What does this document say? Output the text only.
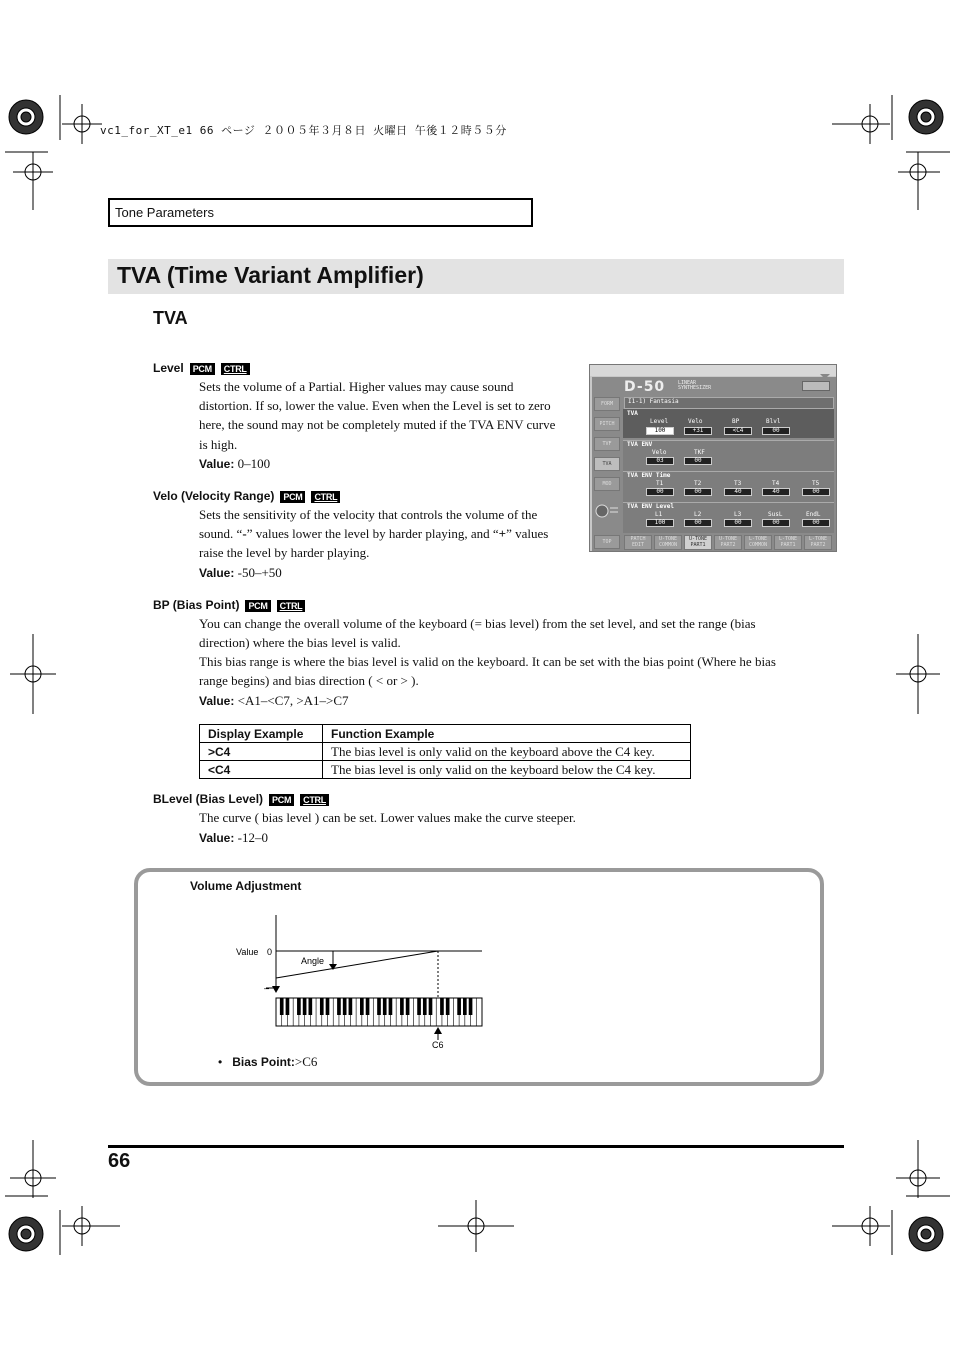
vc1_for_XT_e1 66 ページ ２００５年３月８日 火曜日 午後１２時５５分
Tone Parameters
TVA (Time Variant Amplifier)
TVA
Level PCM CTRL
Sets the volume of a Partial. Higher values may cause sound distortion. If so, lower the value. Even when the Level is set to zero here, the sound may not be completely muted if the TVA ENV curve is high.
Value: 0–100
Velo (Velocity Range) PCM CTRL
Sets the sensitivity of the velocity that controls the volume of the sound. “-” values lower the level by harder playing, and “+” values raise the level by harder playing.
Value: -50–+50
BP (Bias Point) PCM CTRL
You can change the overall volume of the keyboard (= bias level) from the set level, and set the range (bias direction) where the bias level is valid.
This bias range is where the bias level is valid on the keyboard. It can be set with the bias point (Where he bias range begins) and bias direction ( < or > ).
Value: <A1–<C7, >A1–>C7
Display Example	Function Example
>C4	The bias level is only valid on the keyboard above the C4 key.
<C4	The bias level is only valid on the keyboard below the C4 key.
BLevel (Bias Level) PCM CTRL
The curve ( bias level ) can be set. Lower values make the curve steeper.
Value: -12–0
D-50	LINEAR
SYNTHESIZER
I1-1) Fantasia
FORM
PITCH
TVF
TVA
MOD
TOP
TVA
Level
100
Velo
+31
BP
<C4
Blvl
00
TVA ENV
Velo
03
TKF
00
TVA ENV Time
T1
00
T2
00
T3
40
T4
40
T5
00
TVA ENV Level
L1
100
L2
00
L3
00
SusL
00
EndL
00
PATCH EDIT
U-TONE COMMON
U-TONE PART1
U-TONE PART2
L-TONE COMMON
L-TONE PART1
L-TONE PART2
Volume Adjustment
Value 0
–
Angle
C6
• Bias Point:>C6
66
